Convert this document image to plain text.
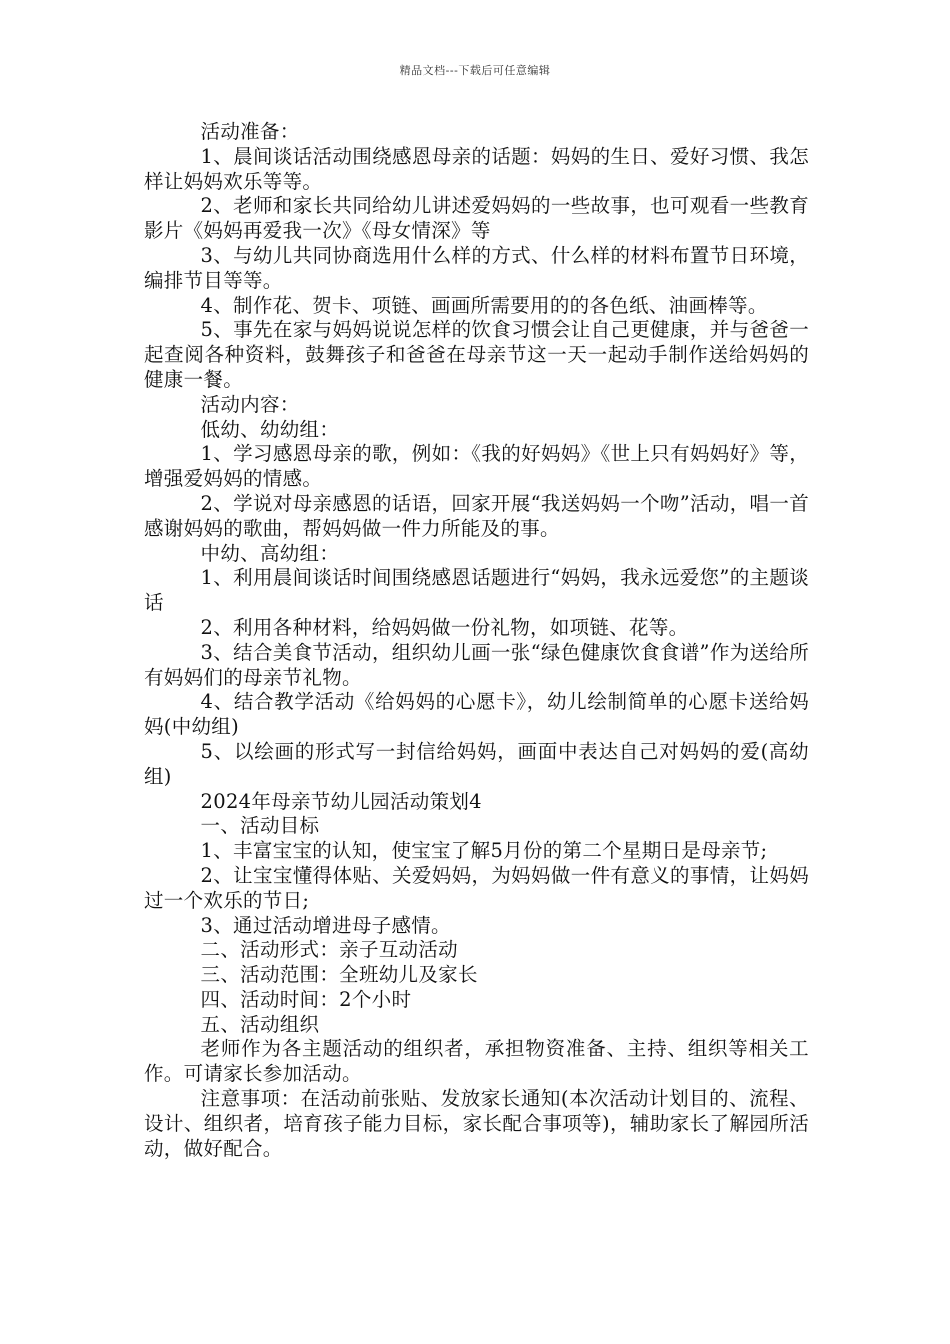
精品文档---下载后可任意编辑

活动准备：

1、晨间谈话活动围绕感恩母亲的话题：妈妈的生日、爱好习惯、我怎样让妈妈欢乐等等。

2、老师和家长共同给幼儿讲述爱妈妈的一些故事，也可观看一些教育影片《妈妈再爱我一次》《母女情深》等

3、与幼儿共同协商选用什么样的方式、什么样的材料布置节日环境，编排节目等等。

4、制作花、贺卡、项链、画画所需要用的的各色纸、油画棒等。

5、事先在家与妈妈说说怎样的饮食习惯会让自己更健康，并与爸爸一起查阅各种资料，鼓舞孩子和爸爸在母亲节这一天一起动手制作送给妈妈的健康一餐。

活动内容：

低幼、幼幼组：

1、学习感恩母亲的歌，例如：《我的好妈妈》《世上只有妈妈好》等，增强爱妈妈的情感。

2、学说对母亲感恩的话语，回家开展“我送妈妈一个吻”活动，唱一首感谢妈妈的歌曲，帮妈妈做一件力所能及的事。

中幼、高幼组：

1、利用晨间谈话时间围绕感恩话题进行“妈妈，我永远爱您”的主题谈话

2、利用各种材料，给妈妈做一份礼物，如项链、花等。

3、结合美食节活动，组织幼儿画一张“绿色健康饮食食谱”作为送给所有妈妈们的母亲节礼物。

4、结合教学活动《给妈妈的心愿卡》，幼儿绘制简单的心愿卡送给妈妈(中幼组)

5、以绘画的形式写一封信给妈妈，画面中表达自己对妈妈的爱(高幼组)

2024年母亲节幼儿园活动策划4

一、活动目标

1、丰富宝宝的认知，使宝宝了解5月份的第二个星期日是母亲节;

2、让宝宝懂得体贴、关爱妈妈，为妈妈做一件有意义的事情，让妈妈过一个欢乐的节日;

3、通过活动增进母子感情。

二、活动形式：亲子互动活动

三、活动范围：全班幼儿及家长

四、活动时间：2个小时

五、活动组织

老师作为各主题活动的组织者，承担物资准备、主持、组织等相关工作。可请家长参加活动。

注意事项：在活动前张贴、发放家长通知(本次活动计划目的、流程、设计、组织者，培育孩子能力目标，家长配合事项等)，辅助家长了解园所活动，做好配合。
